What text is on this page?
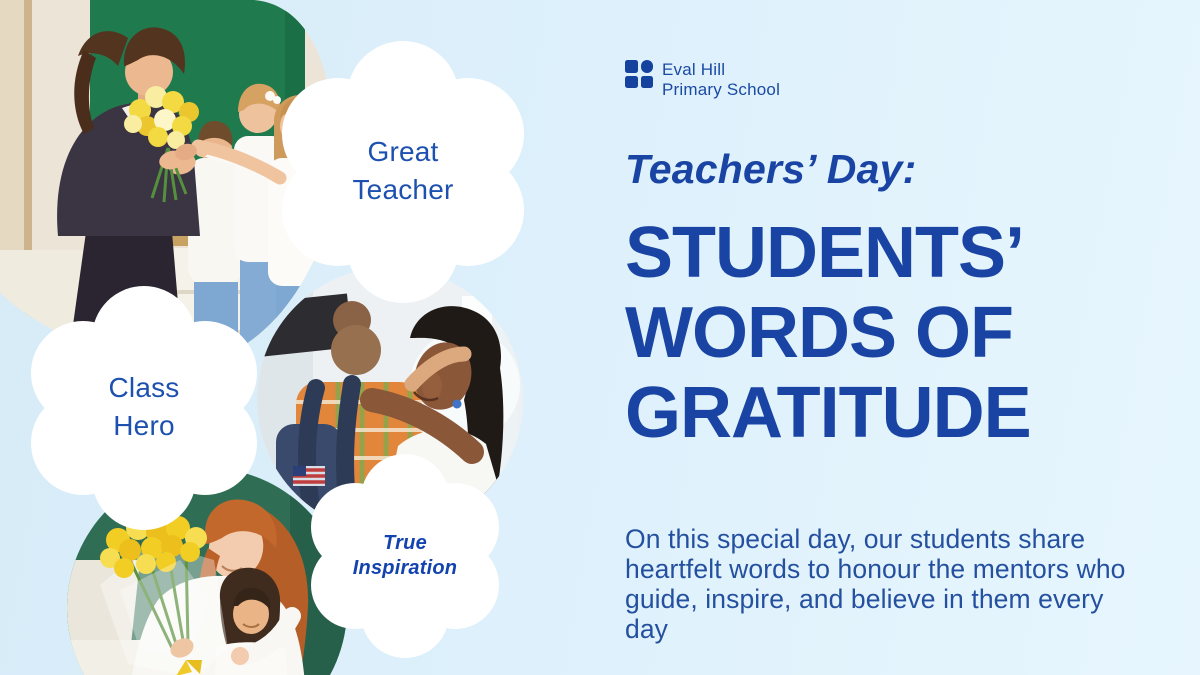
Great
Teacher
Class
Hero
True
Inspiration
Eval Hill
Primary School
Teachers’ Day:
STUDENTS’
WORDS OF
GRATITUDE
On this special day, our students share heartfelt words to honour the mentors who guide, inspire, and believe in them every day
